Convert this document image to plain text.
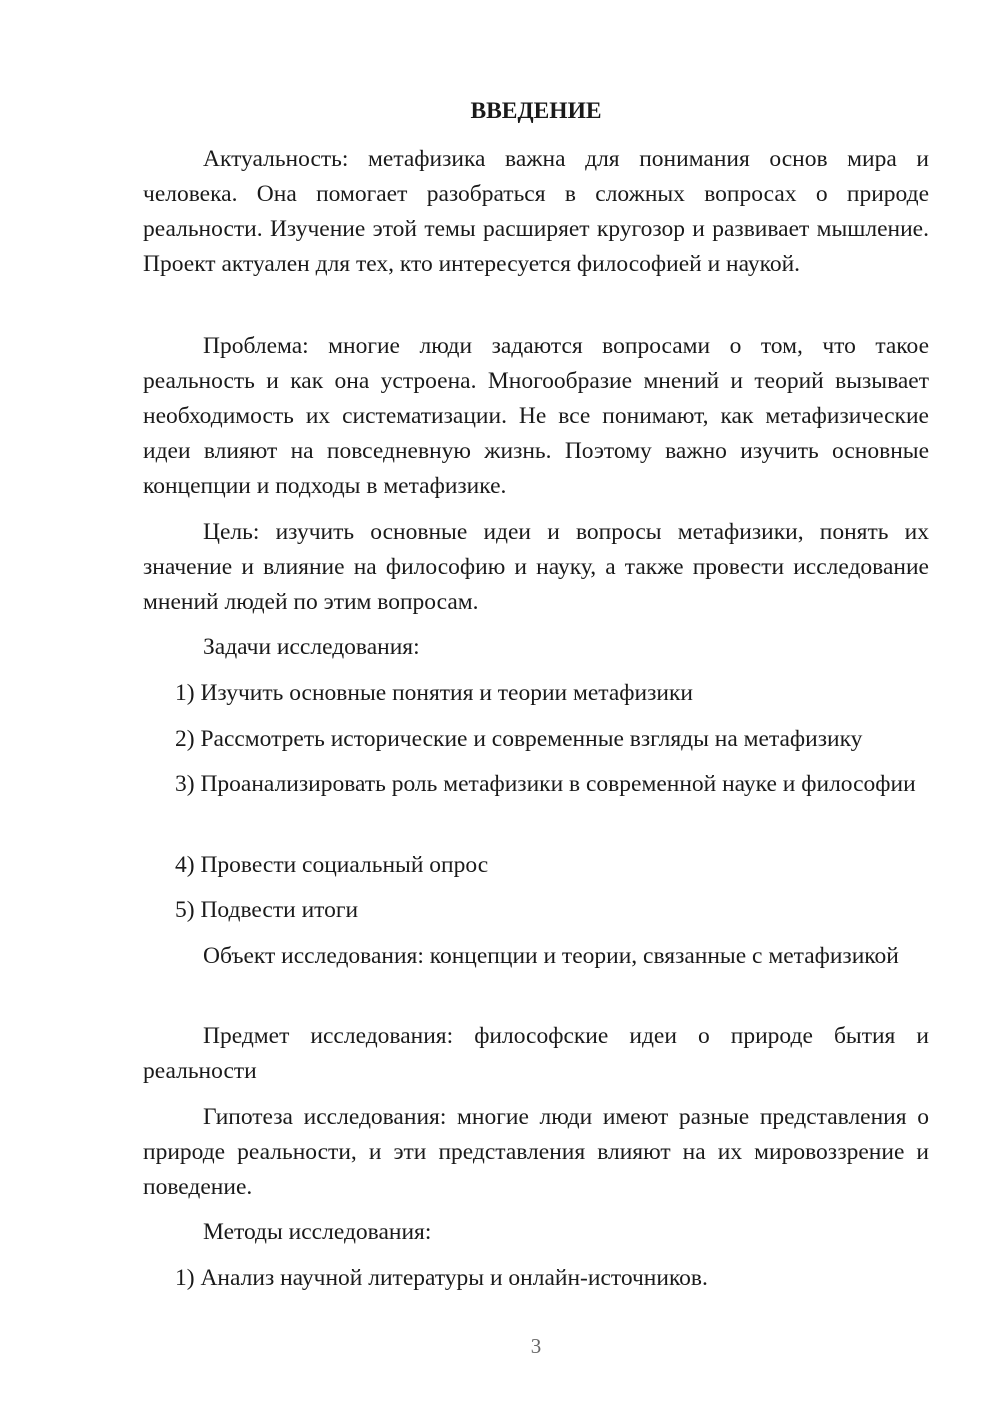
ВВЕДЕНИЕ

Актуальность: метафизика важна для понимания основ мира и человека. Она помогает разобраться в сложных вопросах о природе реальности. Изучение этой темы расширяет кругозор и развивает мышление. Проект актуален для тех, кто интересуется философией и наукой.

Проблема: многие люди задаются вопросами о том, что такое реальность и как она устроена. Многообразие мнений и теорий вызывает необходимость их систематизации. Не все понимают, как метафизические идеи влияют на повседневную жизнь. Поэтому важно изучить основные концепции и подходы в метафизике.

Цель: изучить основные идеи и вопросы метафизики, понять их значение и влияние на философию и науку, а также провести исследование мнений людей по этим вопросам.

Задачи исследования:

1) Изучить основные понятия и теории метафизики

2) Рассмотреть исторические и современные взгляды на метафизику

3) Проанализировать роль метафизики в современной науке и философии

4) Провести социальный опрос

5) Подвести итоги

Объект исследования: концепции и теории, связанные с метафизикой

Предмет исследования: философские идеи о природе бытия и реальности

Гипотеза исследования: многие люди имеют разные представления о природе реальности, и эти представления влияют на их мировоззрение и поведение.

Методы исследования:

1) Анализ научной литературы и онлайн-источников.

3
